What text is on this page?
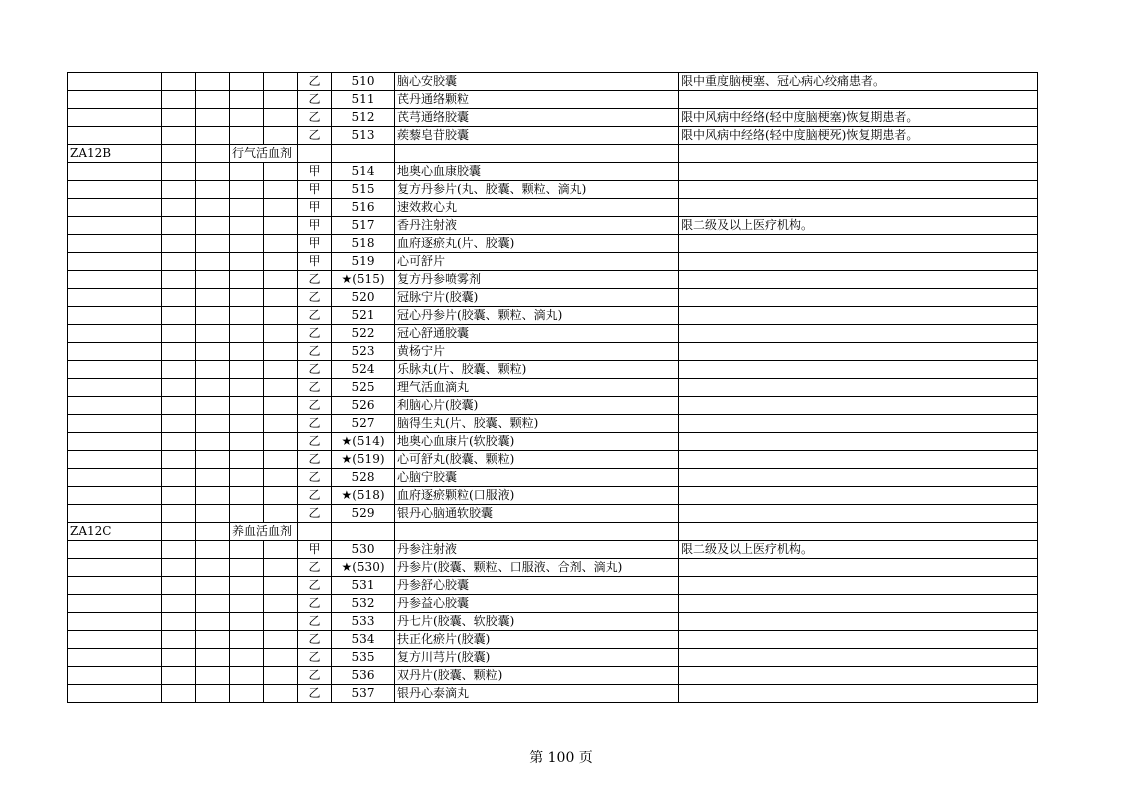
					乙	510	脑心安胶囊	限中重度脑梗塞、冠心病心绞痛患者。
					乙	511	芪丹通络颗粒	
					乙	512	芪芎通络胶囊	限中风病中经络(轻中度脑梗塞)恢复期患者。
					乙	513	蒺藜皂苷胶囊	限中风病中经络(轻中度脑梗死)恢复期患者。
ZA12B			行气活血剂					
					甲	514	地奥心血康胶囊	
					甲	515	复方丹参片(丸、胶囊、颗粒、滴丸)	
					甲	516	速效救心丸	
					甲	517	香丹注射液	限二级及以上医疗机构。
					甲	518	血府逐瘀丸(片、胶囊)	
					甲	519	心可舒片	
					乙	★(515)	复方丹参喷雾剂	
					乙	520	冠脉宁片(胶囊)	
					乙	521	冠心丹参片(胶囊、颗粒、滴丸)	
					乙	522	冠心舒通胶囊	
					乙	523	黄杨宁片	
					乙	524	乐脉丸(片、胶囊、颗粒)	
					乙	525	理气活血滴丸	
					乙	526	利脑心片(胶囊)	
					乙	527	脑得生丸(片、胶囊、颗粒)	
					乙	★(514)	地奥心血康片(软胶囊)	
					乙	★(519)	心可舒丸(胶囊、颗粒)	
					乙	528	心脑宁胶囊	
					乙	★(518)	血府逐瘀颗粒(口服液)	
					乙	529	银丹心脑通软胶囊	
ZA12C			养血活血剂					
					甲	530	丹参注射液	限二级及以上医疗机构。
					乙	★(530)	丹参片(胶囊、颗粒、口服液、合剂、滴丸)	
					乙	531	丹参舒心胶囊	
					乙	532	丹参益心胶囊	
					乙	533	丹七片(胶囊、软胶囊)	
					乙	534	扶正化瘀片(胶囊)	
					乙	535	复方川芎片(胶囊)	
					乙	536	双丹片(胶囊、颗粒)	
					乙	537	银丹心泰滴丸	
第 100 页
